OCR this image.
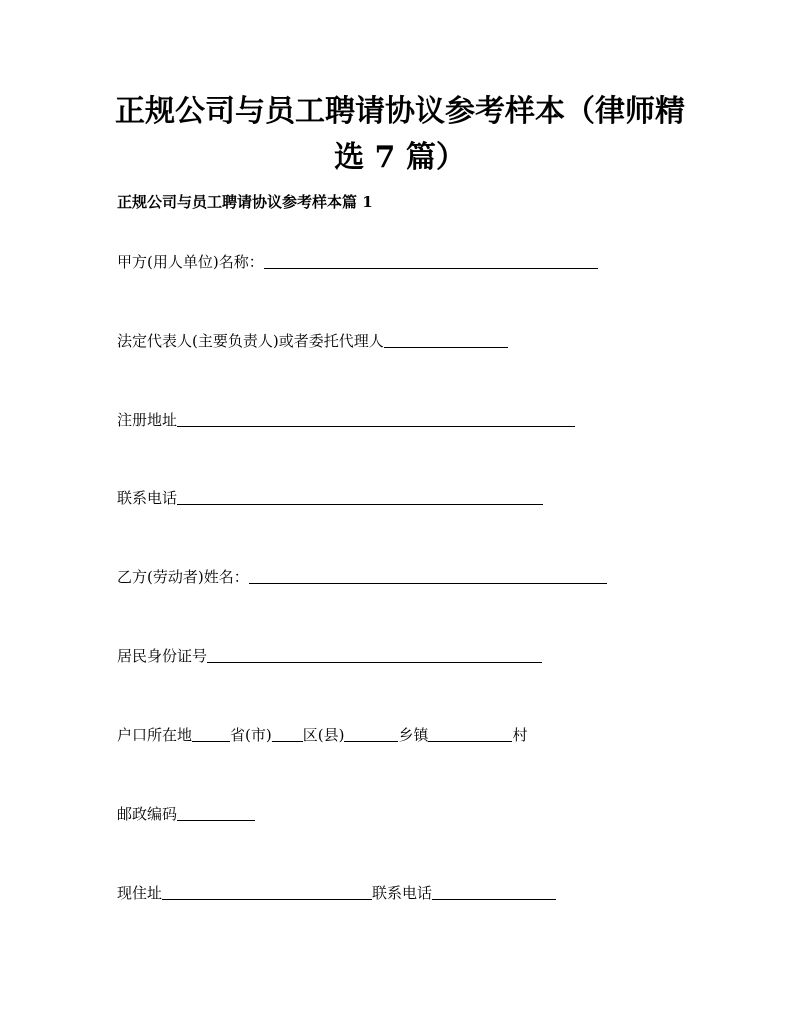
正规公司与员工聘请协议参考样本（律师精
选 7 篇）
正规公司与员工聘请协议参考样本篇 1
甲方(用人单位)名称：
法定代表人(主要负责人)或者委托代理人
注册地址
联系电话
乙方(劳动者)姓名：
居民身份证号
户口所在地	省(市) 区(县)	乡镇	村
邮政编码
现住址	联系电话
